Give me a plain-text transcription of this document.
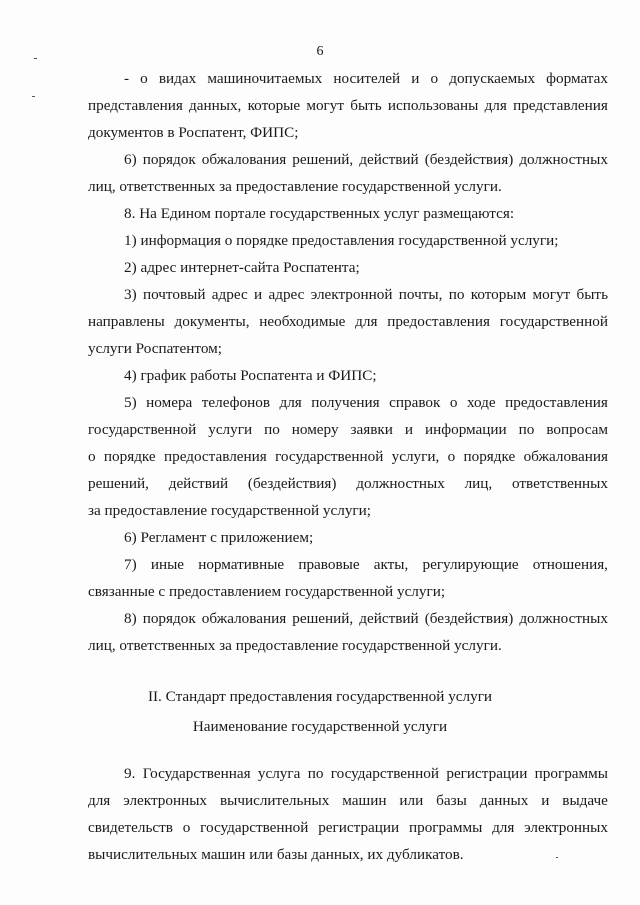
6
- о видах машиночитаемых носителей и о допускаемых форматах
представления данных, которые могут быть использованы для представления
документов в Роспатент, ФИПС;
6) порядок обжалования решений, действий (бездействия) должностных
лиц, ответственных за предоставление государственной услуги.
8. На Едином портале государственных услуг размещаются:
1) информация о порядке предоставления государственной услуги;
2) адрес интернет-сайта Роспатента;
3) почтовый адрес и адрес электронной почты, по которым могут быть
направлены документы, необходимые для предоставления государственной
услуги Роспатентом;
4) график работы Роспатента и ФИПС;
5) номера телефонов для получения справок о ходе предоставления
государственной услуги по номеру заявки и информации по вопросам
о порядке предоставления государственной услуги, о порядке обжалования
решений, действий (бездействия) должностных лиц, ответственных
за предоставление государственной услуги;
6) Регламент с приложением;
7) иные нормативные правовые акты, регулирующие отношения,
связанные с предоставлением государственной услуги;
8) порядок обжалования решений, действий (бездействия) должностных
лиц, ответственных за предоставление государственной услуги.
II. Стандарт предоставления государственной услуги
Наименование государственной услуги
9. Государственная услуга по государственной регистрации программы
для электронных вычислительных машин или базы данных и выдаче
свидетельств о государственной регистрации программы для электронных
вычислительных машин или базы данных, их дубликатов.
